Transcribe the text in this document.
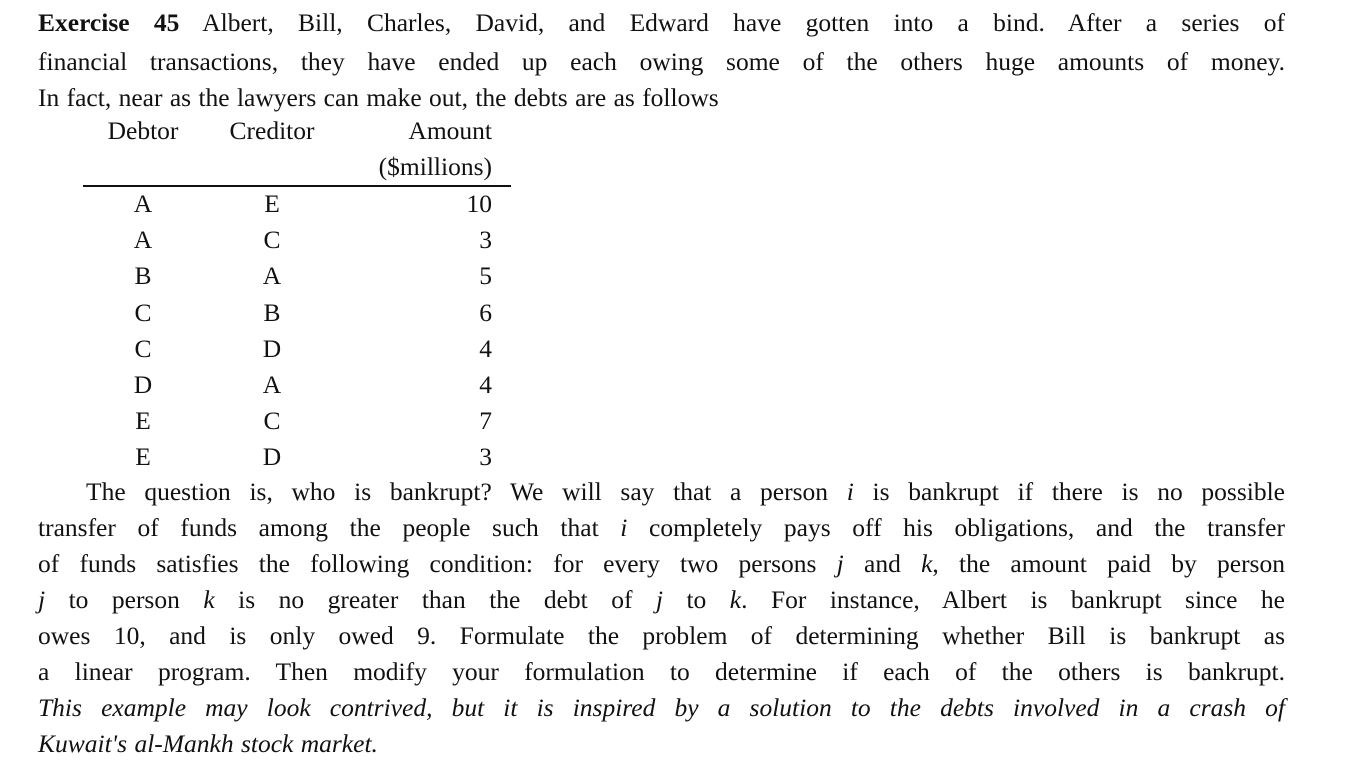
Debtor	Creditor	Amount
($millions)
A	E	10
A	C	3
B	A	5
C	B	6
C	D	4
D	A	4
E	C	7
E	D	3
Exercise 45 Albert, Bill, Charles, David, and Edward have gotten into a bind. After a series of
financial transactions, they have ended up each owing some of the others huge amounts of money.
In fact, near as the lawyers can make out, the debts are as follows
The question is, who is bankrupt? We will say that a person i is bankrupt if there is no possible
transfer of funds among the people such that i completely pays off his obligations, and the transfer
of funds satisfies the following condition: for every two persons j and k, the amount paid by person
j to person k is no greater than the debt of j to k. For instance, Albert is bankrupt since he
owes 10, and is only owed 9. Formulate the problem of determining whether Bill is bankrupt as
a linear program. Then modify your formulation to determine if each of the others is bankrupt.
This example may look contrived, but it is inspired by a solution to the debts involved in a crash of
Kuwait's al-Mankh stock market.
